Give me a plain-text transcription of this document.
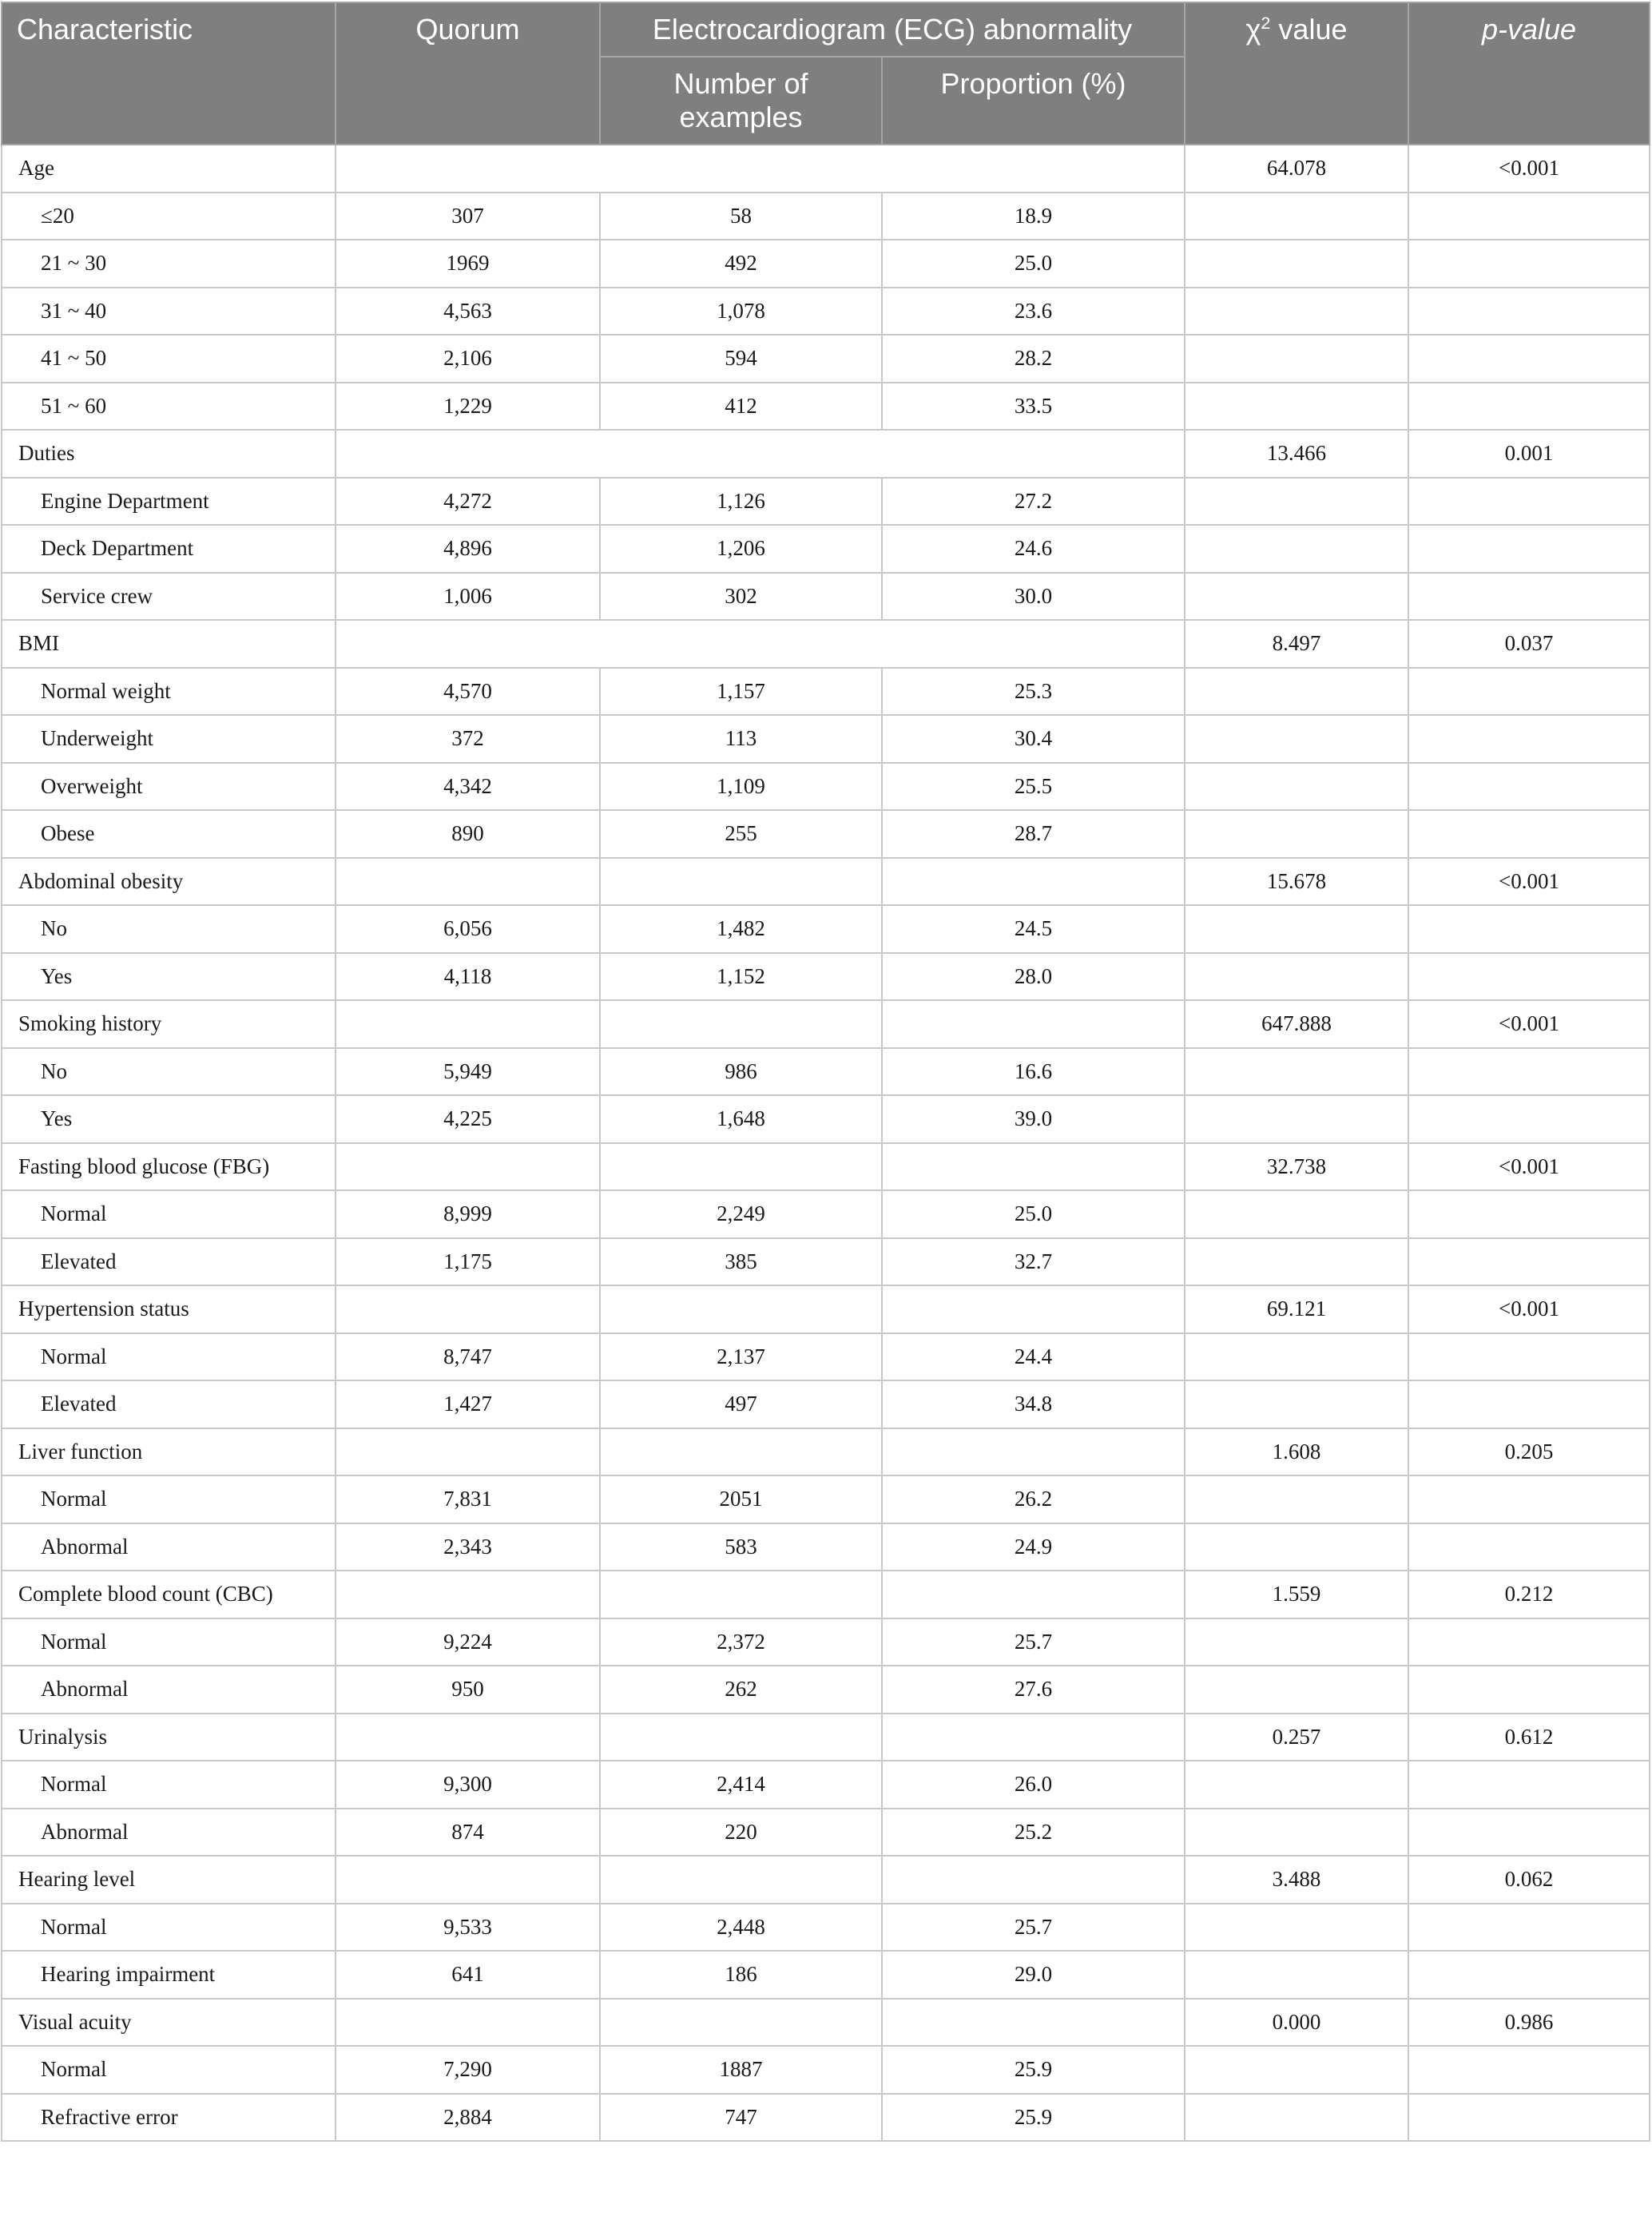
Characteristic	Quorum	Electrocardiogram (ECG) abnormality		$\chi^2$ value	p-value
		Number of examples	Proportion (%)		
Age				64.078	<0.001
≤20	307	58	18.9		
21 ~ 30	1969	492	25.0		
31 ~ 40	4,563	1,078	23.6		
41 ~ 50	2,106	594	28.2		
51 ~ 60	1,229	412	33.5		
Duties				13.466	0.001
Engine Department	4,272	1,126	27.2		
Deck Department	4,896	1,206	24.6		
Service crew	1,006	302	30.0		
BMI				8.497	0.037
Normal weight	4,570	1,157	25.3		
Underweight	372	113	30.4		
Overweight	4,342	1,109	25.5		
Obese	890	255	28.7		
Abdominal obesity				15.678	<0.001
No	6,056	1,482	24.5		
Yes	4,118	1,152	28.0		
Smoking history				647.888	<0.001
No	5,949	986	16.6		
Yes	4,225	1,648	39.0		
Fasting blood glucose (FBG)				32.738	<0.001
Normal	8,999	2,249	25.0		
Elevated	1,175	385	32.7		
Hypertension status				69.121	<0.001
Normal	8,747	2,137	24.4		
Elevated	1,427	497	34.8		
Liver function				1.608	0.205
Normal	7,831	2051	26.2		
Abnormal	2,343	583	24.9		
Complete blood count (CBC)				1.559	0.212
Normal	9,224	2,372	25.7		
Abnormal	950	262	27.6		
Urinalysis				0.257	0.612
Normal	9,300	2,414	26.0		
Abnormal	874	220	25.2		
Hearing level				3.488	0.062
Normal	9,533	2,448	25.7		
Hearing impairment	641	186	29.0		
Visual acuity				0.000	0.986
Normal	7,290	1887	25.9		
Refractive error	2,884	747	25.9		
